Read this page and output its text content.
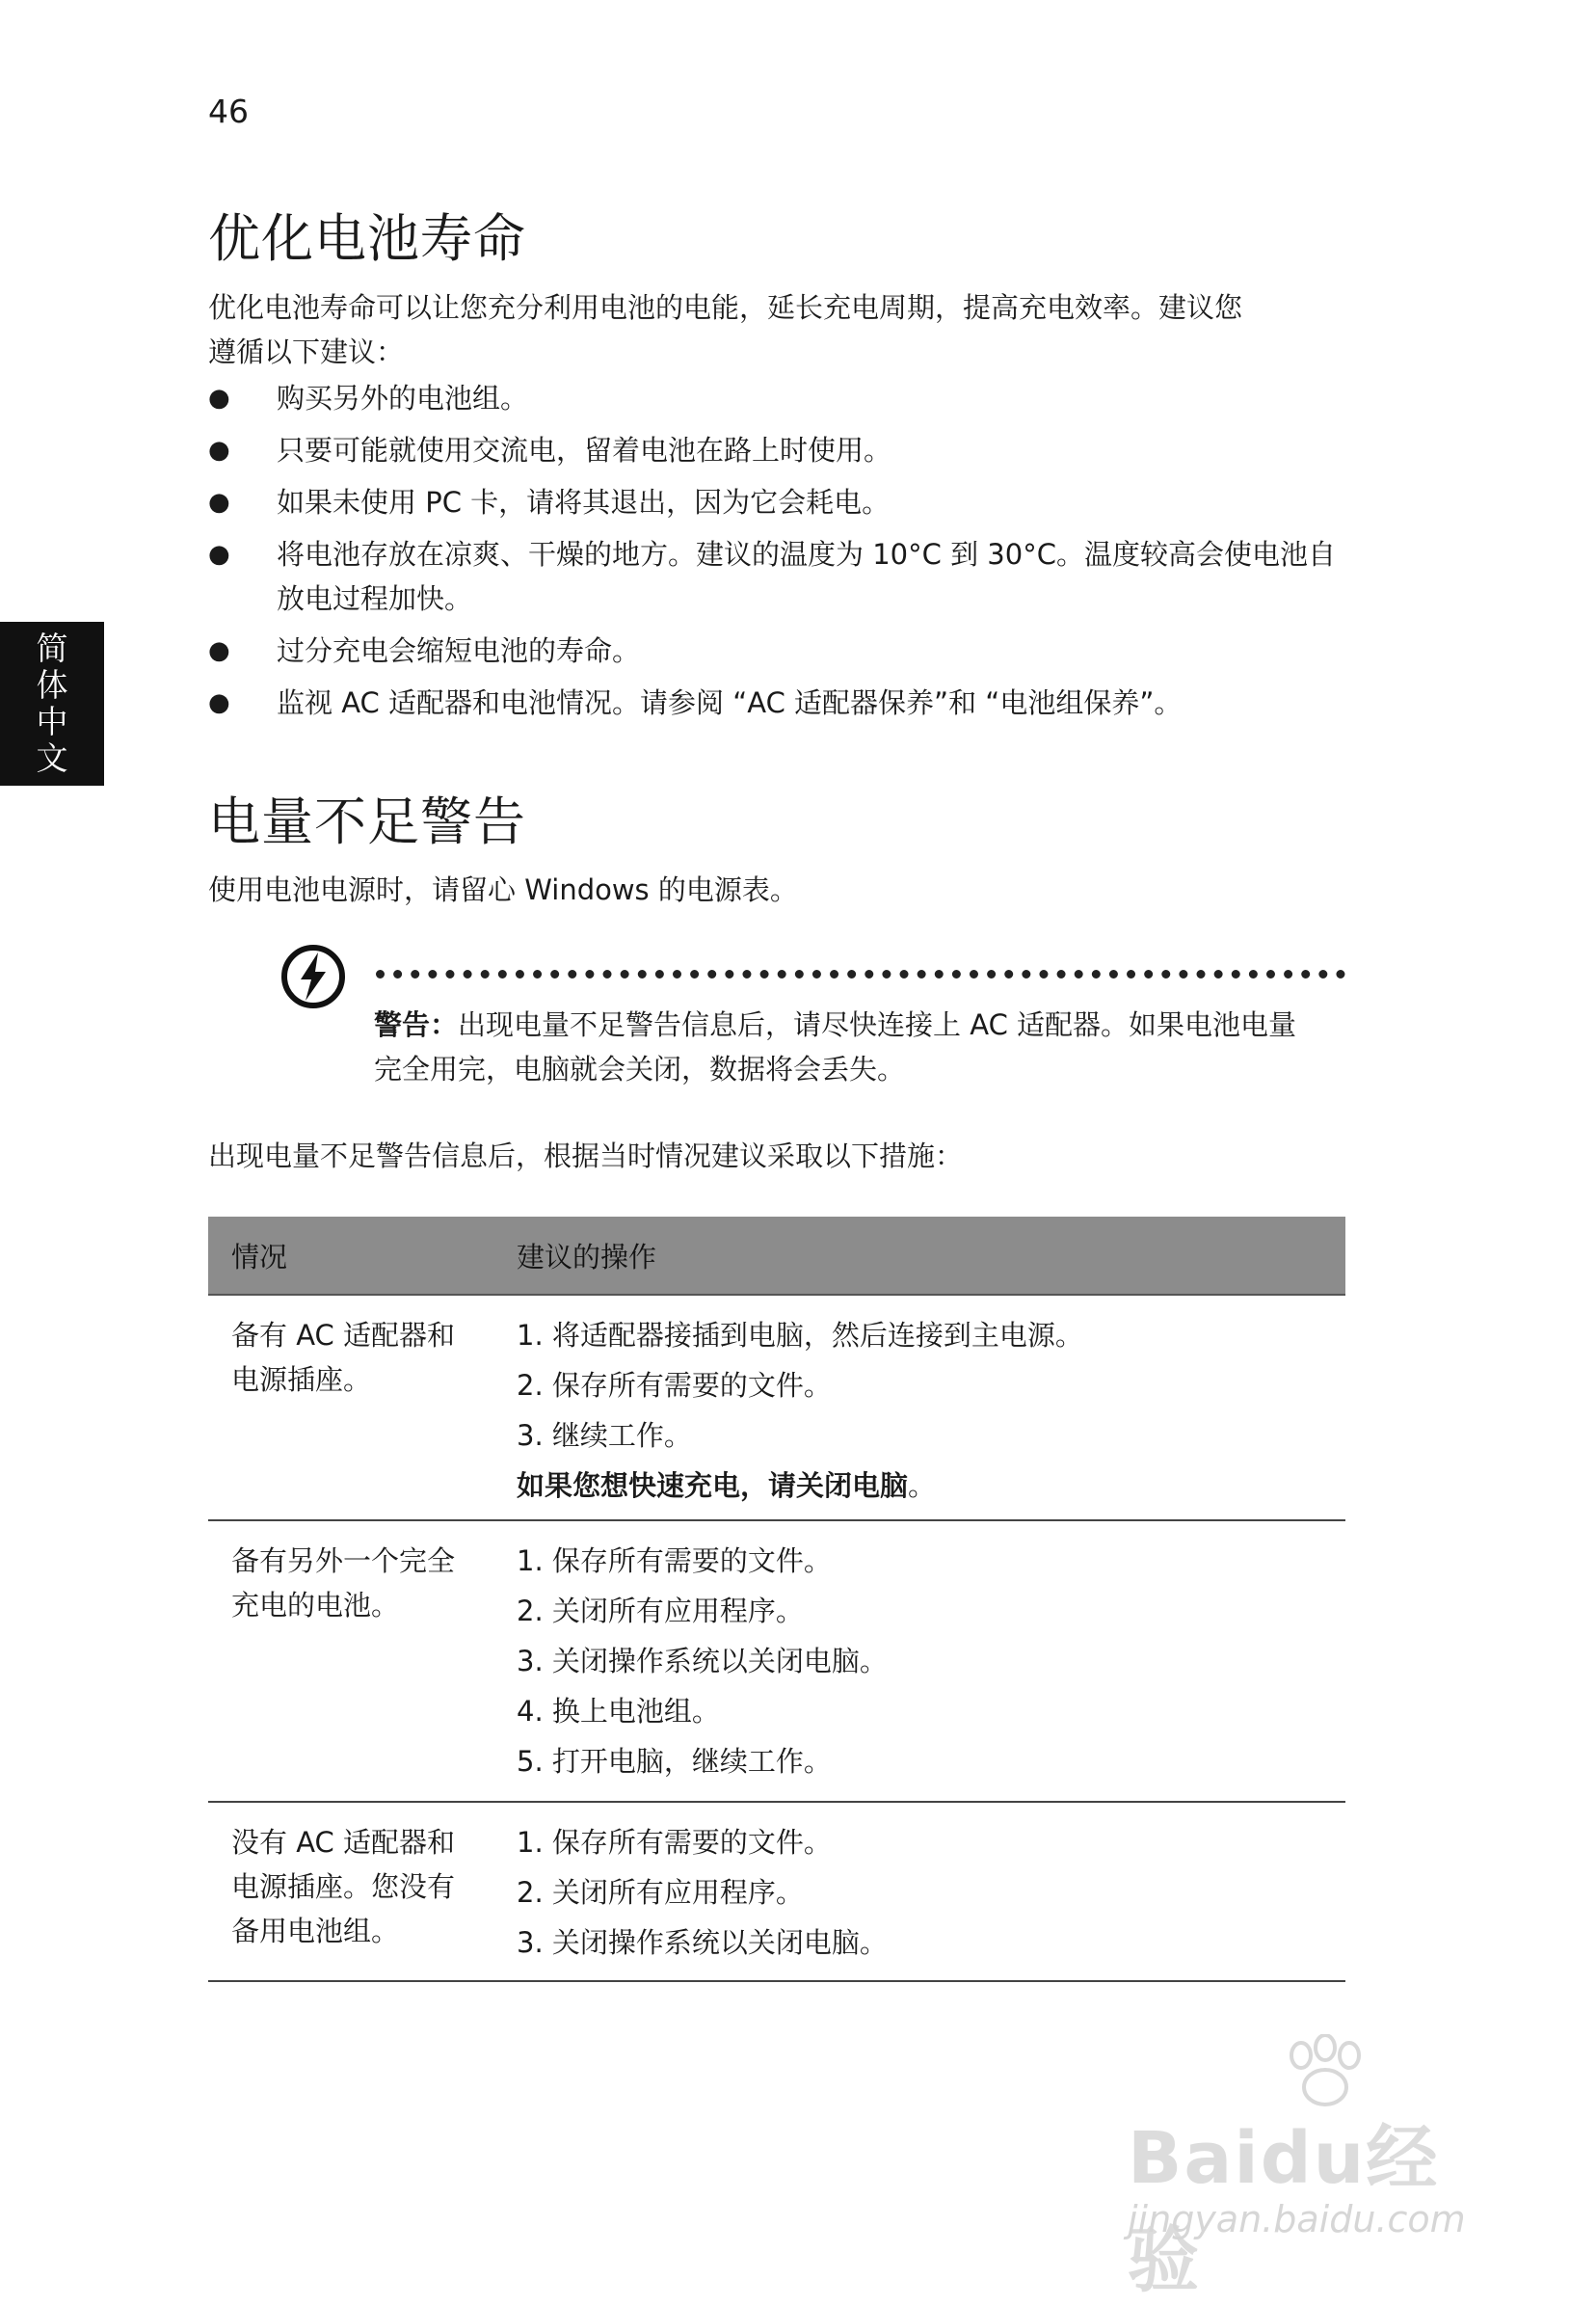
46
简
体
中
文
优化电池寿命

优化电池寿命可以让您充分利用电池的电能，延长充电周期，提高充电效率。建议您
遵循以下建议：

● 购买另外的电池组。
● 只要可能就使用交流电，留着电池在路上时使用。
● 如果未使用 PC 卡，请将其退出，因为它会耗电。
● 将电池存放在凉爽、干燥的地方。建议的温度为 10°C 到 30°C。温度较高会使电池自放电过程加快。
● 过分充电会缩短电池的寿命。
● 监视 AC 适配器和电池情况。请参阅 “AC 适配器保养”和 “电池组保养”。
电量不足警告

使用电池电源时，请留心 Windows 的电源表。

警告：出现电量不足警告信息后，请尽快连接上 AC 适配器。如果电池电量完全用完，电脑就会关闭，数据将会丢失。

出现电量不足警告信息后，根据当时情况建议采取以下措施：

情况	建议的操作
备有 AC 适配器和电源插座。
1. 将适配器接插到电脑，然后连接到主电源。
2. 保存所有需要的文件。
3. 继续工作。
如果您想快速充电，请关闭电脑。
备有另外一个完全充电的电池。
1. 保存所有需要的文件。
2. 关闭所有应用程序。
3. 关闭操作系统以关闭电脑。
4. 换上电池组。
5. 打开电脑，继续工作。
没有 AC 适配器和电源插座。您没有备用电池组。
1. 保存所有需要的文件。
2. 关闭所有应用程序。
3. 关闭操作系统以关闭电脑。
Baidu经验
jingyan.baidu.com
